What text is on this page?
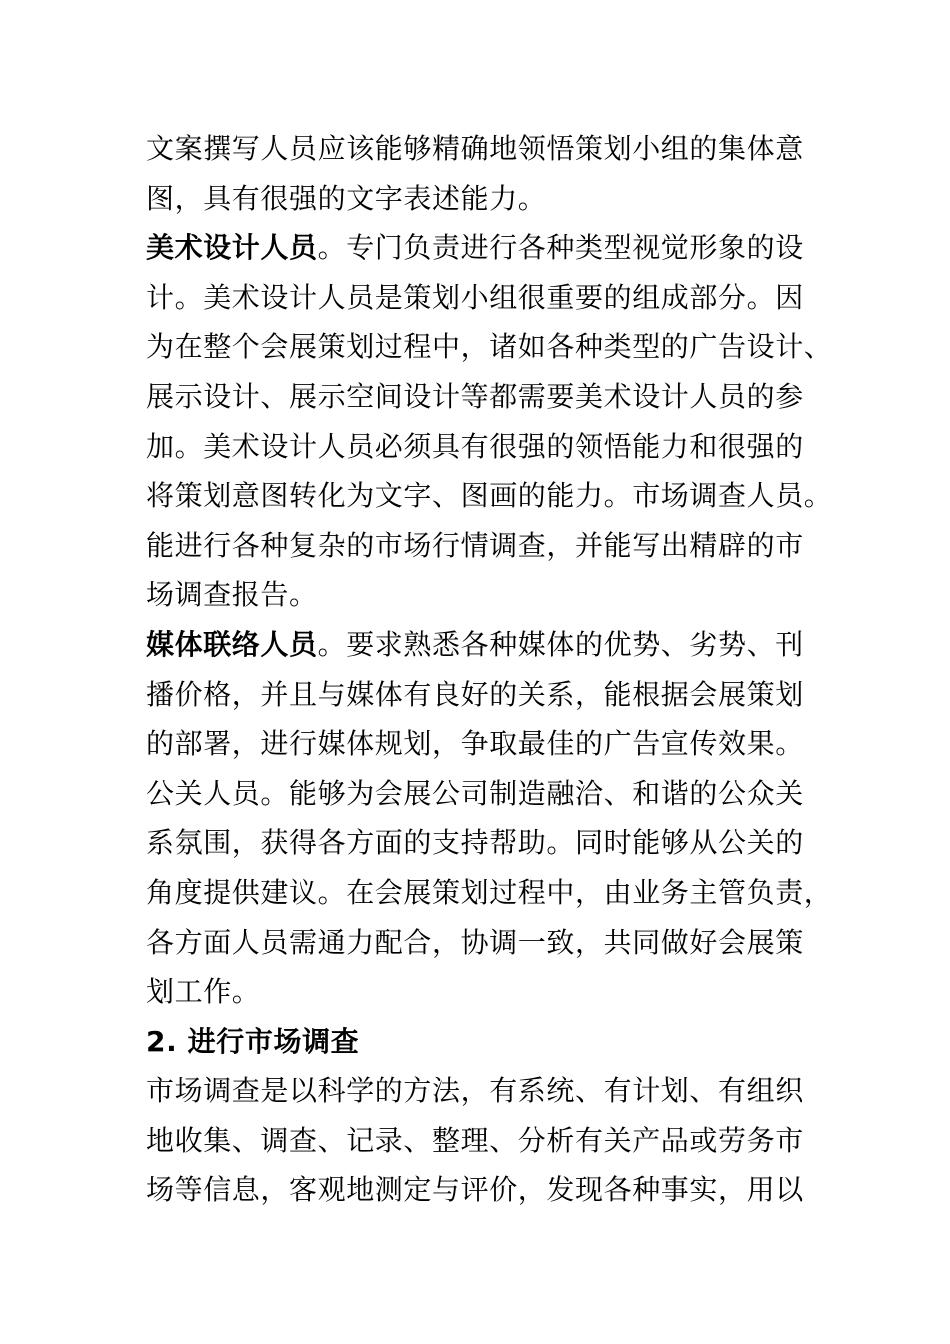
文案撰写人员应该能够精确地领悟策划小组的集体意
图，具有很强的文字表述能力。
美术设计人员。专门负责进行各种类型视觉形象的设
计。美术设计人员是策划小组很重要的组成部分。因
为在整个会展策划过程中，诸如各种类型的广告设计、
展示设计、展示空间设计等都需要美术设计人员的参
加。美术设计人员必须具有很强的领悟能力和很强的
将策划意图转化为文字、图画的能力。市场调查人员。
能进行各种复杂的市场行情调查，并能写出精辟的市
场调查报告。
媒体联络人员。要求熟悉各种媒体的优势、劣势、刊
播价格，并且与媒体有良好的关系，能根据会展策划
的部署，进行媒体规划，争取最佳的广告宣传效果。
公关人员。能够为会展公司制造融洽、和谐的公众关
系氛围，获得各方面的支持帮助。同时能够从公关的
角度提供建议。在会展策划过程中，由业务主管负责，
各方面人员需通力配合，协调一致，共同做好会展策
划工作。
2. 进行市场调查
市场调查是以科学的方法，有系统、有计划、有组织
地收集、调查、记录、整理、分析有关产品或劳务市
场等信息，客观地测定与评价，发现各种事实，用以
